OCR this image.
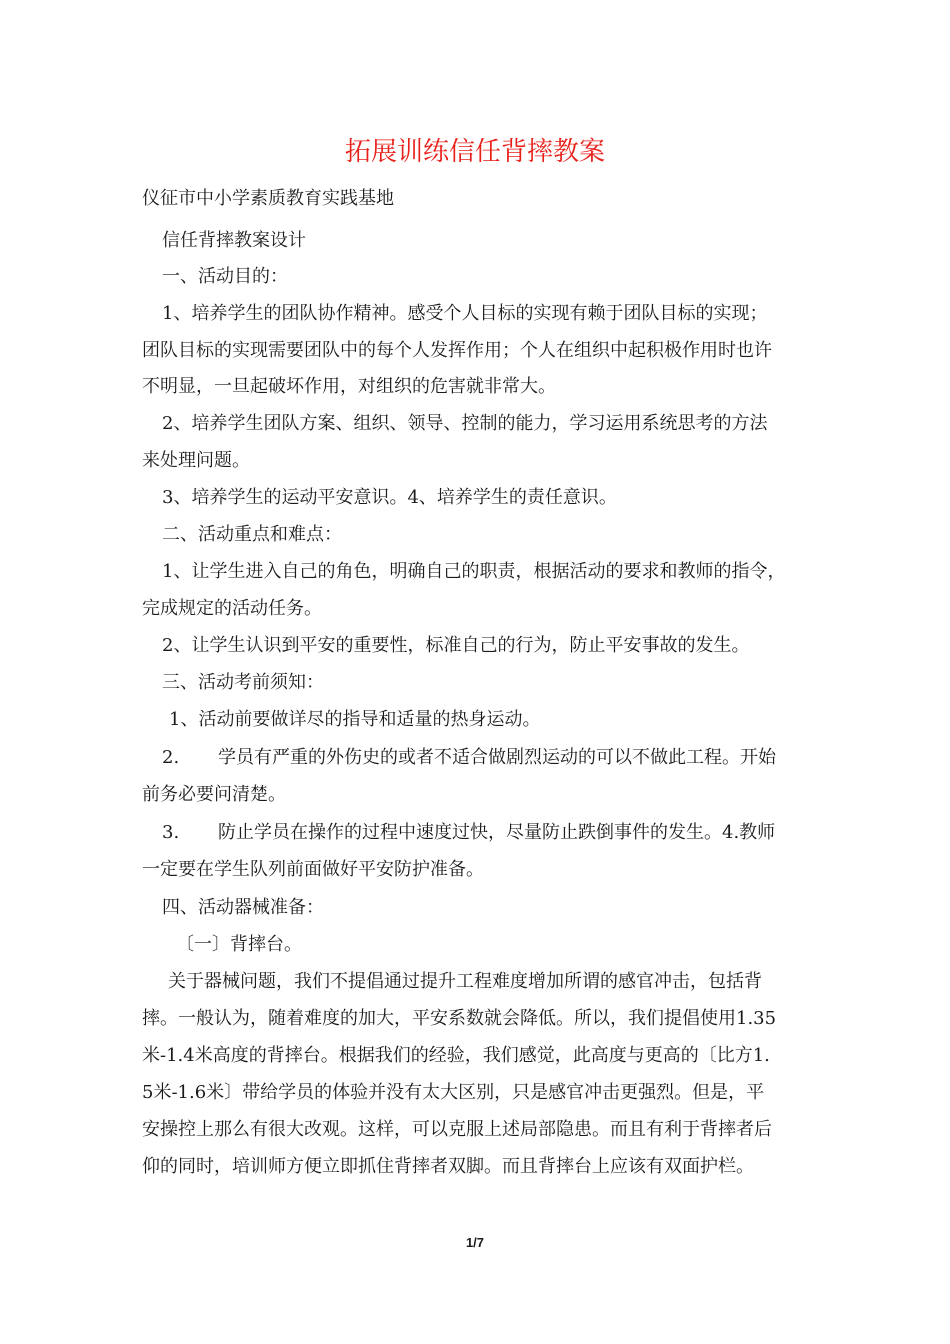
拓展训练信任背摔教案
仪征市中小学素质教育实践基地
信任背摔教案设计
一、活动目的：
1、培养学生的团队协作精神。感受个人目标的实现有赖于团队目标的实现；
团队目标的实现需要团队中的每个人发挥作用；个人在组织中起积极作用时也许
不明显，一旦起破坏作用，对组织的危害就非常大。
2、培养学生团队方案、组织、领导、控制的能力，学习运用系统思考的方法
来处理问题。
3、培养学生的运动平安意识。4、培养学生的责任意识。
二、活动重点和难点：
1、让学生进入自己的角色，明确自己的职责，根据活动的要求和教师的指令，
完成规定的活动任务。
2、让学生认识到平安的重要性，标准自己的行为，防止平安事故的发生。
三、活动考前须知：
1、活动前要做详尽的指导和适量的热身运动。
2. 学员有严重的外伤史的或者不适合做剧烈运动的可以不做此工程。开始
前务必要问清楚。
3. 防止学员在操作的过程中速度过快，尽量防止跌倒事件的发生。4.教师
一定要在学生队列前面做好平安防护准备。
四、活动器械准备：
〔一〕背摔台。
关于器械问题，我们不提倡通过提升工程难度增加所谓的感官冲击，包括背
摔。一般认为，随着难度的加大，平安系数就会降低。所以，我们提倡使用1.35
米-1.4米高度的背摔台。根据我们的经验，我们感觉，此高度与更高的〔比方1.
5米-1.6米〕带给学员的体验并没有太大区别，只是感官冲击更强烈。但是，平
安操控上那么有很大改观。这样，可以克服上述局部隐患。而且有利于背摔者后
仰的同时，培训师方便立即抓住背摔者双脚。而且背摔台上应该有双面护栏。
1/7
